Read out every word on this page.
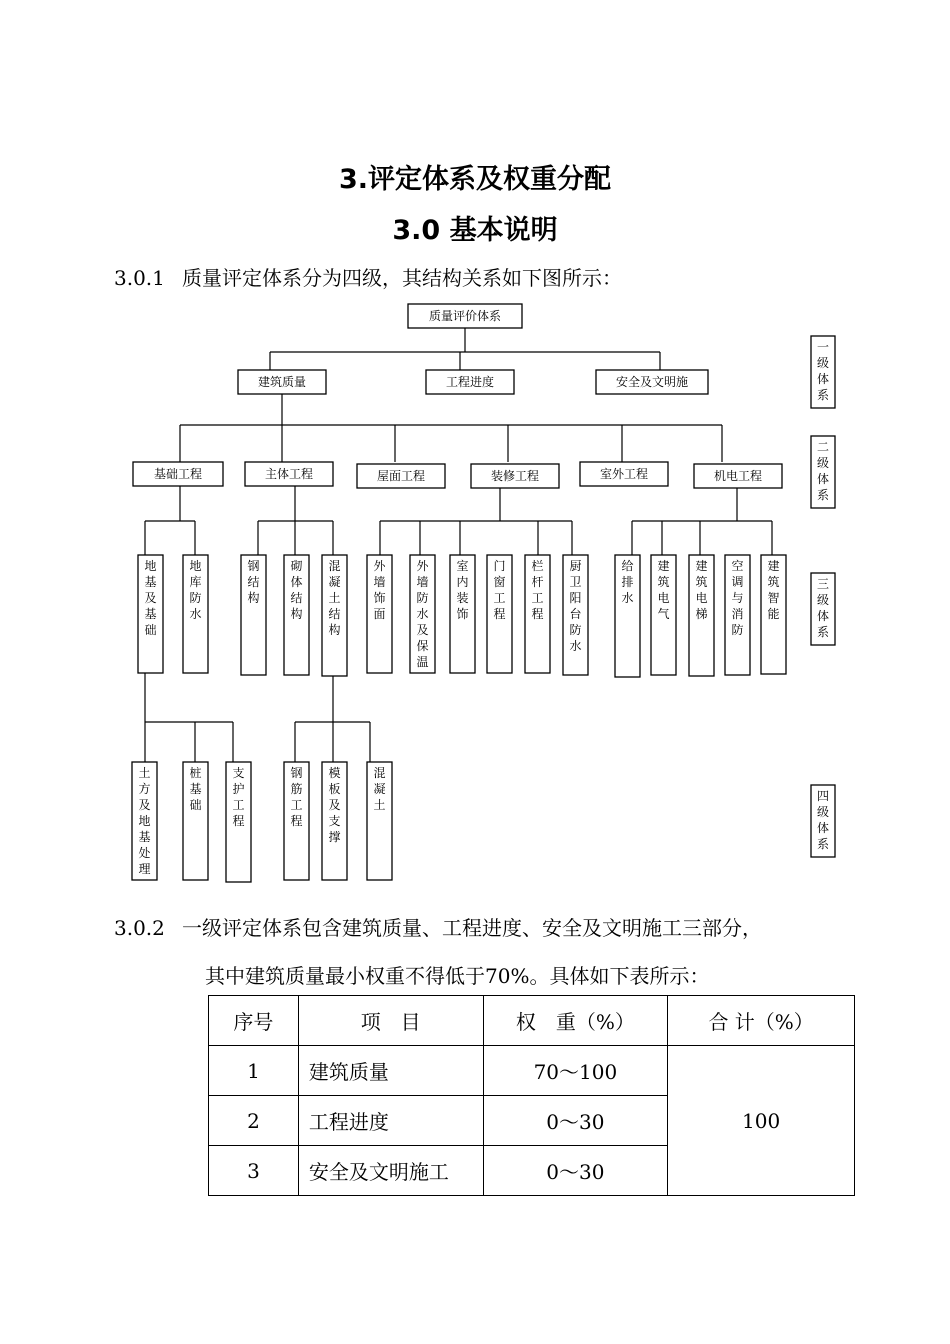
3.评定体系及权重分配
3.0 基本说明
3.0.1 质量评定体系分为四级，其结构关系如下图所示：
质量评价体系
建筑质量	工程进度	安全及文明施
基础工程	主体工程	屋面工程	装修工程	室外工程	机电工程
地基及基础
地库防水
钢结构
砌体结构
混凝土结构
外墙饰面
外墙防水及保温
室内装饰
门窗工程
栏杆工程
厨卫阳台防水
给排水
建筑电气
建筑电梯
空调与消防
建筑智能
土方及地基处理
桩基础
支护工程
钢筋工程
模板及支撑
混凝土
一级体系
二级体系
三级体系
四级体系
3.0.2 一级评定体系包含建筑质量、工程进度、安全及文明施工三部分，
其中建筑质量最小权重不得低于70%。具体如下表所示：
序号	项　目	权　重（%）	合 计（%）
1	建筑质量	70～100	100
2	工程进度	0～30	
3	安全及文明施工	0～30	
